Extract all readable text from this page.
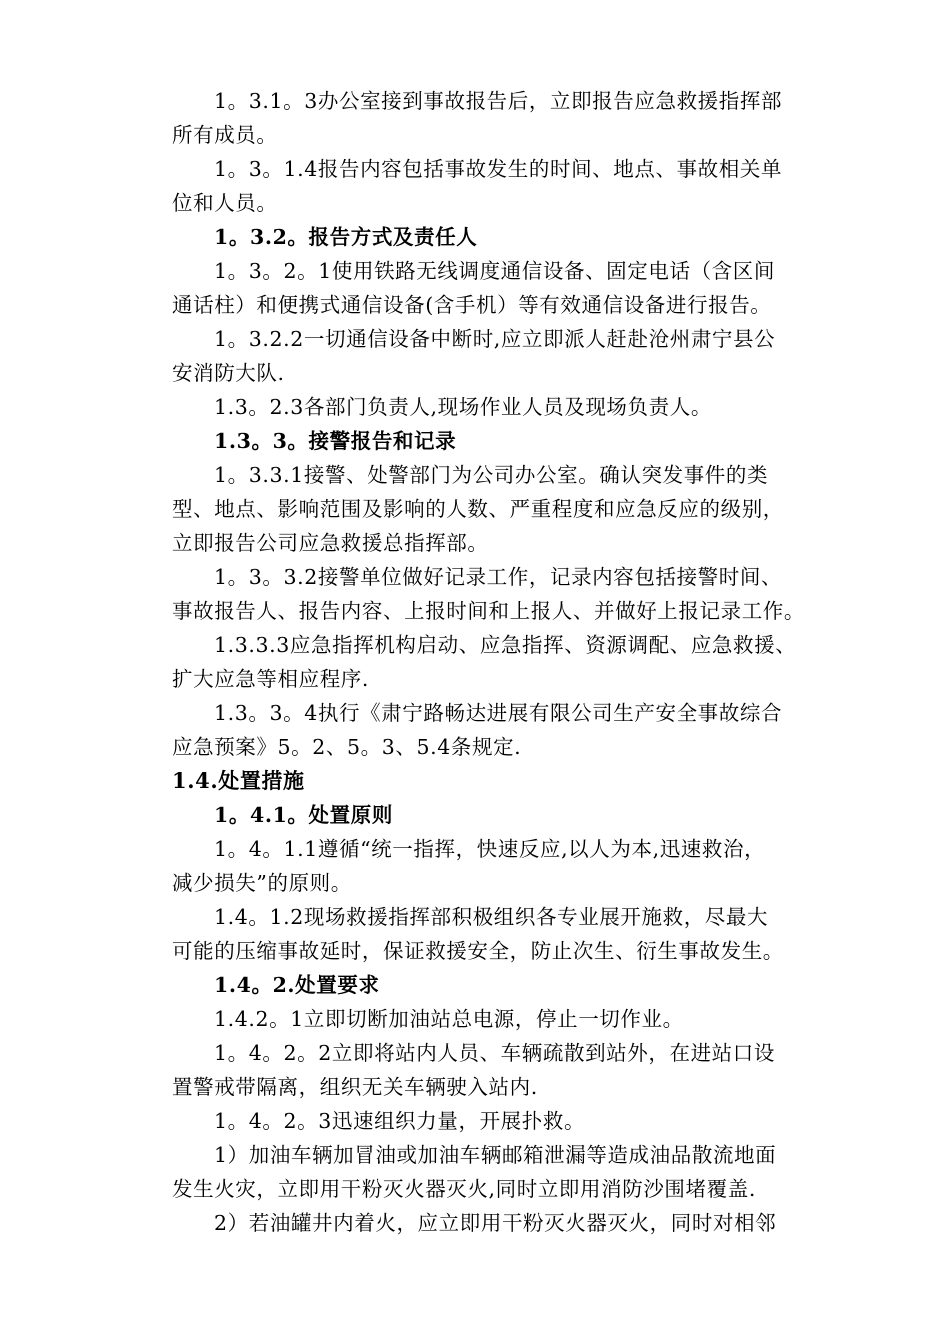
1。3.1。3办公室接到事故报告后，立即报告应急救援指挥部
所有成员。
1。3。1.4报告内容包括事故发生的时间、地点、事故相关单
位和人员。
1。3.2。报告方式及责任人
1。3。2。1使用铁路无线调度通信设备、固定电话（含区间
通话柱）和便携式通信设备(含手机）等有效通信设备进行报告。
1。3.2.2一切通信设备中断时,应立即派人赶赴沧州肃宁县公
安消防大队.
1.3。2.3各部门负责人,现场作业人员及现场负责人。
1.3。3。接警报告和记录
1。3.3.1接警、处警部门为公司办公室。确认突发事件的类
型、地点、影响范围及影响的人数、严重程度和应急反应的级别，
立即报告公司应急救援总指挥部。
1。3。3.2接警单位做好记录工作，记录内容包括接警时间、
事故报告人、报告内容、上报时间和上报人、并做好上报记录工作。
1.3.3.3应急指挥机构启动、应急指挥、资源调配、应急救援、
扩大应急等相应程序.
1.3。3。4执行《肃宁路畅达进展有限公司生产安全事故综合
应急预案》5。2、5。3、5.4条规定.
1.4.处置措施
1。4.1。处置原则
1。4。1.1遵循“统一指挥，快速反应,以人为本,迅速救治，
减少损失”的原则。
1.4。1.2现场救援指挥部积极组织各专业展开施救，尽最大
可能的压缩事故延时，保证救援安全，防止次生、衍生事故发生。
1.4。2.处置要求
1.4.2。1立即切断加油站总电源，停止一切作业。
1。4。2。2立即将站内人员、车辆疏散到站外，在进站口设
置警戒带隔离，组织无关车辆驶入站内.
1。4。2。3迅速组织力量，开展扑救。
1）加油车辆加冒油或加油车辆邮箱泄漏等造成油品散流地面
发生火灾，立即用干粉灭火器灭火,同时立即用消防沙围堵覆盖.
2）若油罐井内着火，应立即用干粉灭火器灭火，同时对相邻
